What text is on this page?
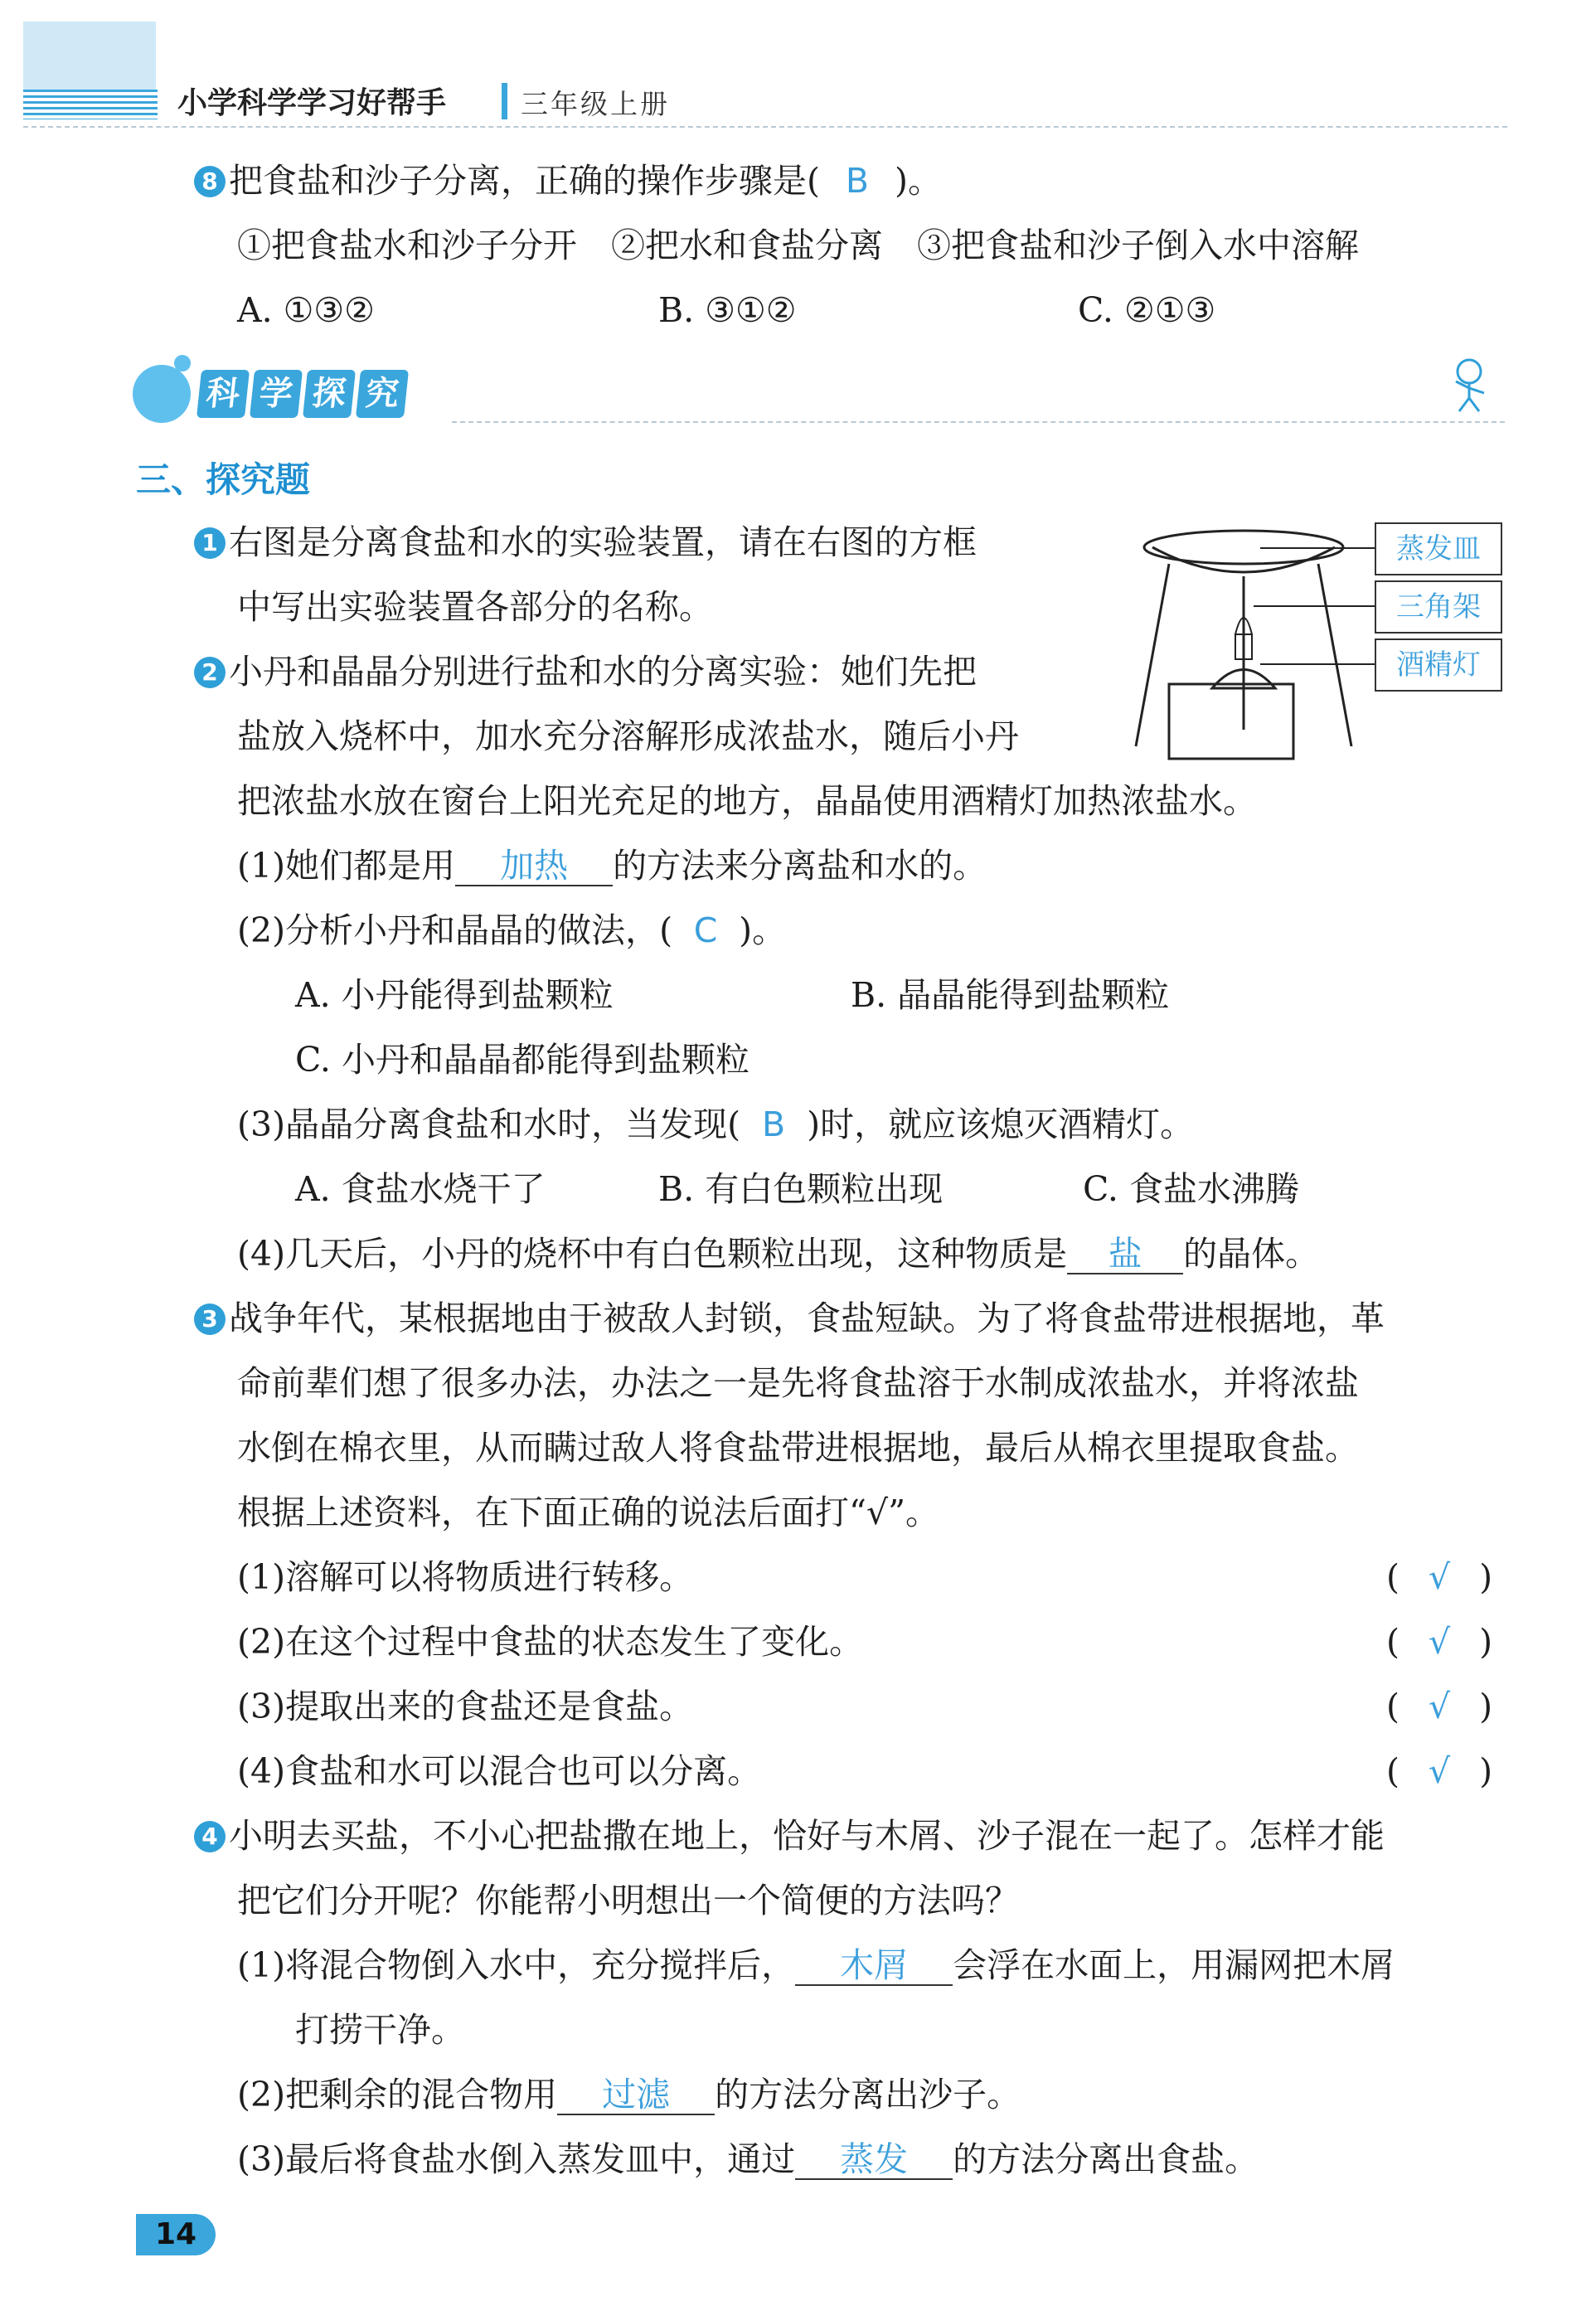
小学科学学习好帮手	三年级上册
8 把食盐和沙子分离，正确的操作步骤是( B )。
①把食盐水和沙子分开　②把水和食盐分离　③把食盐和沙子倒入水中溶解
A. ①③②	B. ③①②	C. ②①③
科 学 探 究
三、探究题
1 右图是分离食盐和水的实验装置，请在右图的方框
中写出实验装置各部分的名称。
蒸发皿
三角架
酒精灯
2 小丹和晶晶分别进行盐和水的分离实验：她们先把
盐放入烧杯中，加水充分溶解形成浓盐水，随后小丹
把浓盐水放在窗台上阳光充足的地方，晶晶使用酒精灯加热浓盐水。
(1)她们都是用 加热 的方法来分离盐和水的。
(2)分析小丹和晶晶的做法，( C )。
A. 小丹能得到盐颗粒	B. 晶晶能得到盐颗粒
C. 小丹和晶晶都能得到盐颗粒
(3)晶晶分离食盐和水时，当发现( B )时，就应该熄灭酒精灯。
A. 食盐水烧干了	B. 有白色颗粒出现	C. 食盐水沸腾
(4)几天后，小丹的烧杯中有白色颗粒出现，这种物质是 盐 的晶体。
3 战争年代，某根据地由于被敌人封锁，食盐短缺。为了将食盐带进根据地，革
命前辈们想了很多办法，办法之一是先将食盐溶于水制成浓盐水，并将浓盐
水倒在棉衣里，从而瞒过敌人将食盐带进根据地，最后从棉衣里提取食盐。
根据上述资料，在下面正确的说法后面打“√”。
(1)溶解可以将物质进行转移。	( √ )
(2)在这个过程中食盐的状态发生了变化。	( √ )
(3)提取出来的食盐还是食盐。	( √ )
(4)食盐和水可以混合也可以分离。	( √ )
4 小明去买盐，不小心把盐撒在地上，恰好与木屑、沙子混在一起了。怎样才能
把它们分开呢？你能帮小明想出一个简便的方法吗？
(1)将混合物倒入水中，充分搅拌后， 木屑 会浮在水面上，用漏网把木屑
打捞干净。
(2)把剩余的混合物用 过滤 的方法分离出沙子。
(3)最后将食盐水倒入蒸发皿中，通过 蒸发 的方法分离出食盐。
14
